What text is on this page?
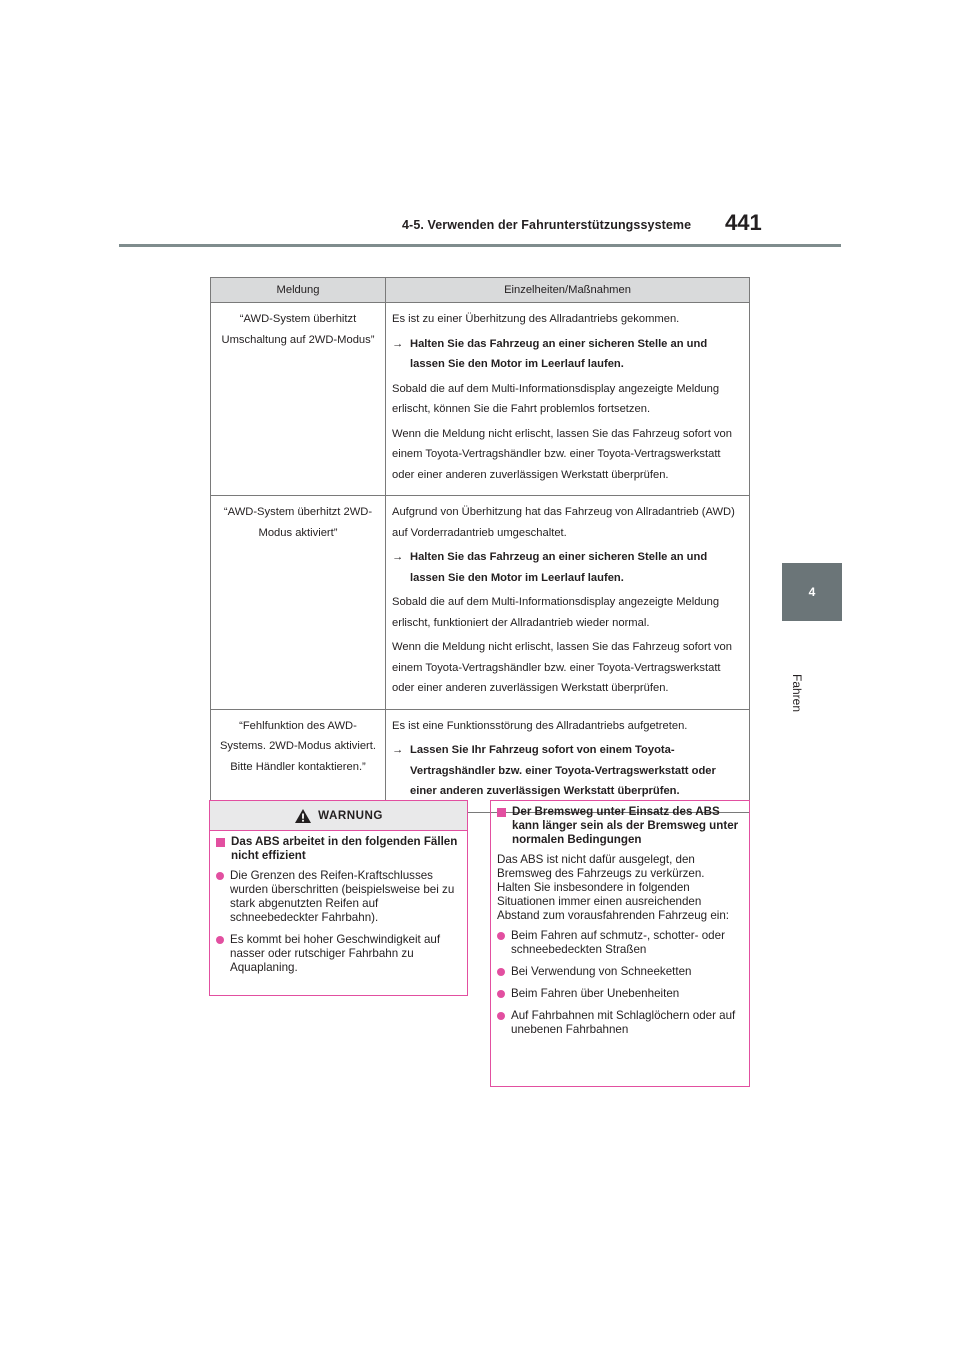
4-5. Verwenden der Fahrunterstützungssysteme 441
4
Fahren
Meldung	Einzelheiten/Maßnahmen
“AWD-System überhitzt Umschaltung auf 2WD-Modus”	Es ist zu einer Überhitzung des Allradantriebs gekommen.

→ Halten Sie das Fahrzeug an einer sicheren Stelle an und lassen Sie den Motor im Leerlauf laufen.

Sobald die auf dem Multi-Informationsdisplay angezeigte Meldung erlischt, können Sie die Fahrt problemlos fortsetzen.

Wenn die Meldung nicht erlischt, lassen Sie das Fahrzeug sofort von einem Toyota-Vertragshändler bzw. einer Toyota-Vertragswerkstatt oder einer anderen zuverlässigen Werkstatt überprüfen.

“AWD-System überhitzt 2WD-Modus aktiviert”	Aufgrund von Überhitzung hat das Fahrzeug von Allradantrieb (AWD) auf Vorderradantrieb umgeschaltet.

→ Halten Sie das Fahrzeug an einer sicheren Stelle an und lassen Sie den Motor im Leerlauf laufen.

Sobald die auf dem Multi-Informationsdisplay angezeigte Meldung erlischt, funktioniert der Allradantrieb wieder normal.

Wenn die Meldung nicht erlischt, lassen Sie das Fahrzeug sofort von einem Toyota-Vertragshändler bzw. einer Toyota-Vertragswerkstatt oder einer anderen zuverlässigen Werkstatt überprüfen.

“Fehlfunktion des AWD-Systems. 2WD-Modus aktiviert. Bitte Händler kontaktieren.”	Es ist eine Funktionsstörung des Allradantriebs aufgetreten.

→ Lassen Sie Ihr Fahrzeug sofort von einem Toyota-Vertragshändler bzw. einer Toyota-Vertragswerkstatt oder einer anderen zuverlässigen Werkstatt überprüfen.

WARNUNG
Das ABS arbeitet in den folgenden Fällen nicht effizient
Die Grenzen des Reifen-Kraftschlusses wurden überschritten (beispielsweise bei zu stark abgenutzten Reifen auf schneebedeckter Fahrbahn).
Es kommt bei hoher Geschwindigkeit auf nasser oder rutschiger Fahrbahn zu Aquaplaning.
Der Bremsweg unter Einsatz des ABS kann länger sein als der Bremsweg unter normalen Bedingungen
Das ABS ist nicht dafür ausgelegt, den Bremsweg des Fahrzeugs zu verkürzen. Halten Sie insbesondere in folgenden Situationen immer einen ausreichenden Abstand zum vorausfahrenden Fahrzeug ein:
Beim Fahren auf schmutz-, schotter- oder schneebedeckten Straßen
Bei Verwendung von Schneeketten
Beim Fahren über Unebenheiten
Auf Fahrbahnen mit Schlaglöchern oder auf unebenen Fahrbahnen
